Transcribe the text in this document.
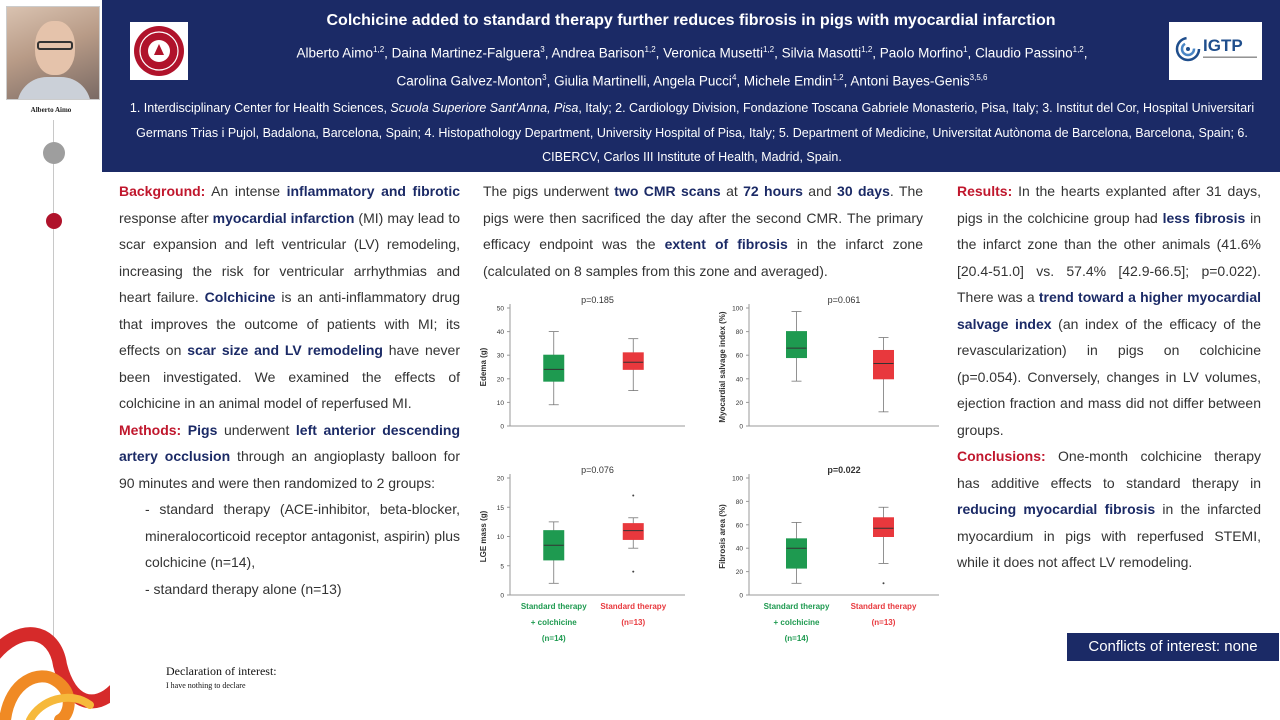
Alberto Aimo
IGTP
Colchicine added to standard therapy further reduces fibrosis in pigs with myocardial infarction
Alberto Aimo$^{1,2}$, Daina Martinez-Falguera$^3$, Andrea Barison$^{1,2}$, Veronica Musetti$^{1,2}$, Silvia Masotti$^{1,2}$, Paolo Morfino$^1$, Claudio Passino$^{1,2}$,
Carolina Galvez-Monton$^3$, Giulia Martinelli, Angela Pucci$^4$, Michele Emdin$^{1,2}$, Antoni Bayes-Genis$^{3,5,6}$
1. Interdisciplinary Center for Health Sciences, Scuola Superiore Sant'Anna, Pisa, Italy; 2. Cardiology Division, Fondazione Toscana Gabriele Monasterio, Pisa, Italy; 3. Institut del Cor, Hospital Universitari Germans Trias i Pujol, Badalona, Barcelona, Spain; 4. Histopathology Department, University Hospital of Pisa, Italy; 5. Department of Medicine, Universitat Autònoma de Barcelona, Barcelona, Spain; 6. CIBERCV, Carlos III Institute of Health, Madrid, Spain.

Background: An intense inflammatory and fibrotic response after myocardial infarction (MI) may lead to scar expansion and left ventricular (LV) remodeling, increasing the risk for ventricular arrhythmias and heart failure. Colchicine is an anti-inflammatory drug that improves the outcome of patients with MI; its effects on scar size and LV remodeling have never been investigated. We examined the effects of colchicine in an animal model of reperfused MI.

Methods: Pigs underwent left anterior descending artery occlusion through an angioplasty balloon for 90 minutes and were then randomized to 2 groups:

- standard therapy (ACE-inhibitor, beta-blocker, mineralocorticoid receptor antagonist, aspirin) plus colchicine (n=14),
- standard therapy alone (n=13)

The pigs underwent two CMR scans at 72 hours and 30 days. The pigs were then sacrificed the day after the second CMR. The primary efficacy endpoint was the extent of fibrosis in the infarct zone (calculated on 8 samples from this zone and averaged).

p=0.185
0
10
20
30
40
50
Edema (g)
p=0.061
0
20
40
60
80
100
Myocardial salvage index (%)
p=0.076
0
5
10
15
20
LGE mass (g)
Standard therapy
+ colchicine
(n=14)
Standard therapy
(n=13)
p=0.022
0
20
40
60
80
100
Fibrosis area (%)
Standard therapy
+ colchicine
(n=14)
Standard therapy
(n=13)

Results: In the hearts explanted after 31 days, pigs in the colchicine group had less fibrosis in the infarct zone than the other animals (41.6% [20.4-51.0] vs. 57.4% [42.9-66.5]; p=0.022). There was a trend toward a higher myocardial salvage index (an index of the efficacy of the revascularization) in pigs on colchicine (p=0.054). Conversely, changes in LV volumes, ejection fraction and mass did not differ between groups.

Conclusions: One-month colchicine therapy has additive effects to standard therapy in reducing myocardial fibrosis in the infarcted myocardium in pigs with reperfused STEMI, while it does not affect LV remodeling.

Conflicts of interest: none
Declaration of interest:
I have nothing to declare
